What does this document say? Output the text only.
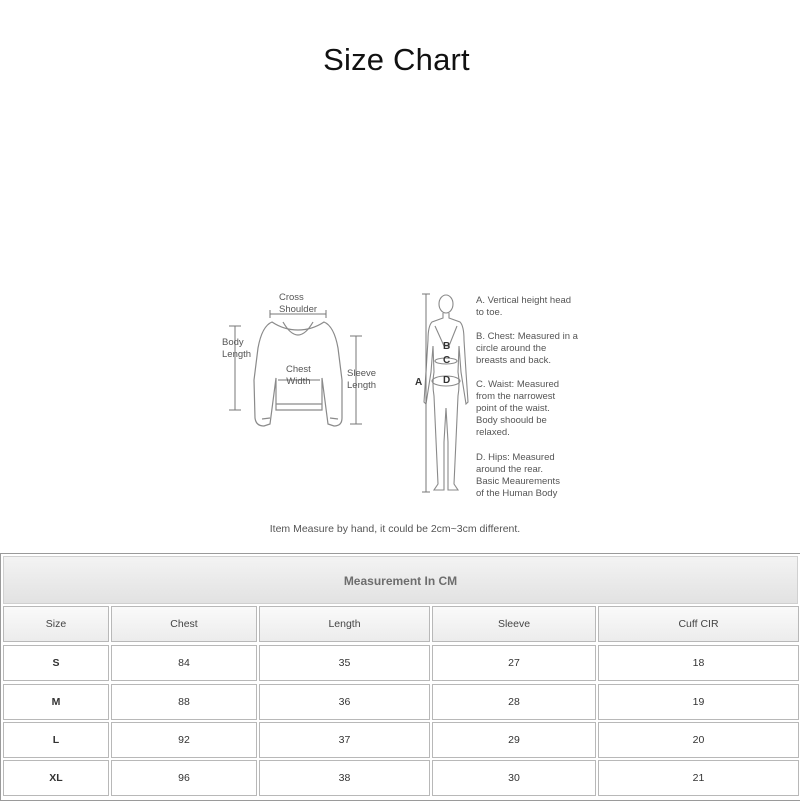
Size Chart
Cross
Shoulder
Body
Length
Chest
Width
Sleeve
Length	A
B
C
D
A. Vertical height head
to toe.
B. Chest: Measured in a
circle around the
breasts and back.
C. Waist: Measured
from the narrowest
point of the waist.
Body shoould be
relaxed.
D. Hips: Measured
around the rear.
Basic Meaurements
of the Human Body
Item Measure by hand, it could be 2cm~3cm different.
Measurement In CM
Size	Chest	Length	Sleeve	Cuff CIR
S	84	35	27	18
M	88	36	28	19
L	92	37	29	20
XL	96	38	30	21
